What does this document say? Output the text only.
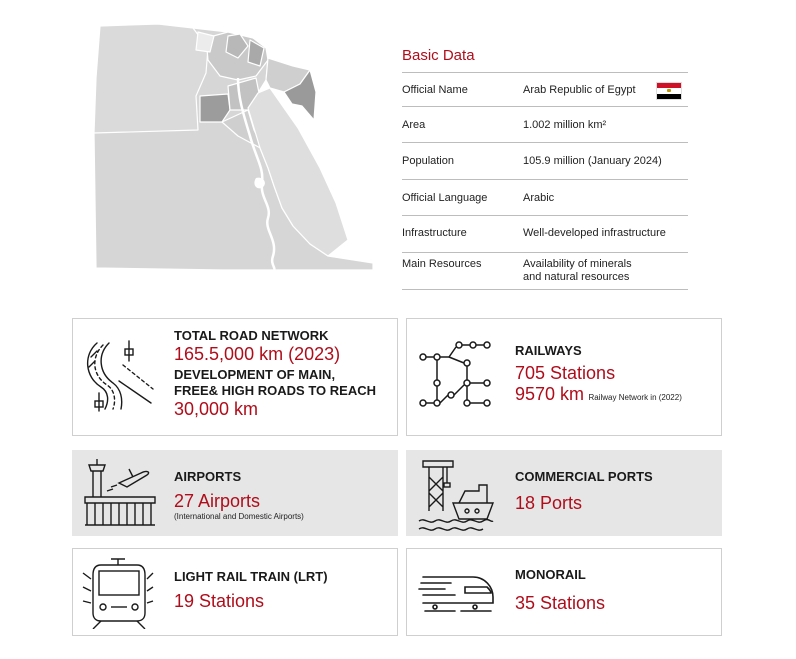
Basic Data
Official Name	Arab Republic of Egypt
Area	1.002 million km²
Population	105.9 million (January 2024)
Official Language	Arabic
Infrastructure	Well-developed infrastructure
Main Resources	Availability of minerals
and natural resources
TOTAL ROAD NETWORK
165.5,000 km (2023)
DEVELOPMENT OF MAIN,
FREE& HIGH ROADS TO REACH
30,000 km
RAILWAYS
705 Stations
9570 km Railway Network in (2022)
AIRPORTS
27 Airports
(International and Domestic Airports)
COMMERCIAL PORTS
18 Ports
LIGHT RAIL TRAIN (LRT)
19 Stations
MONORAIL
35 Stations
